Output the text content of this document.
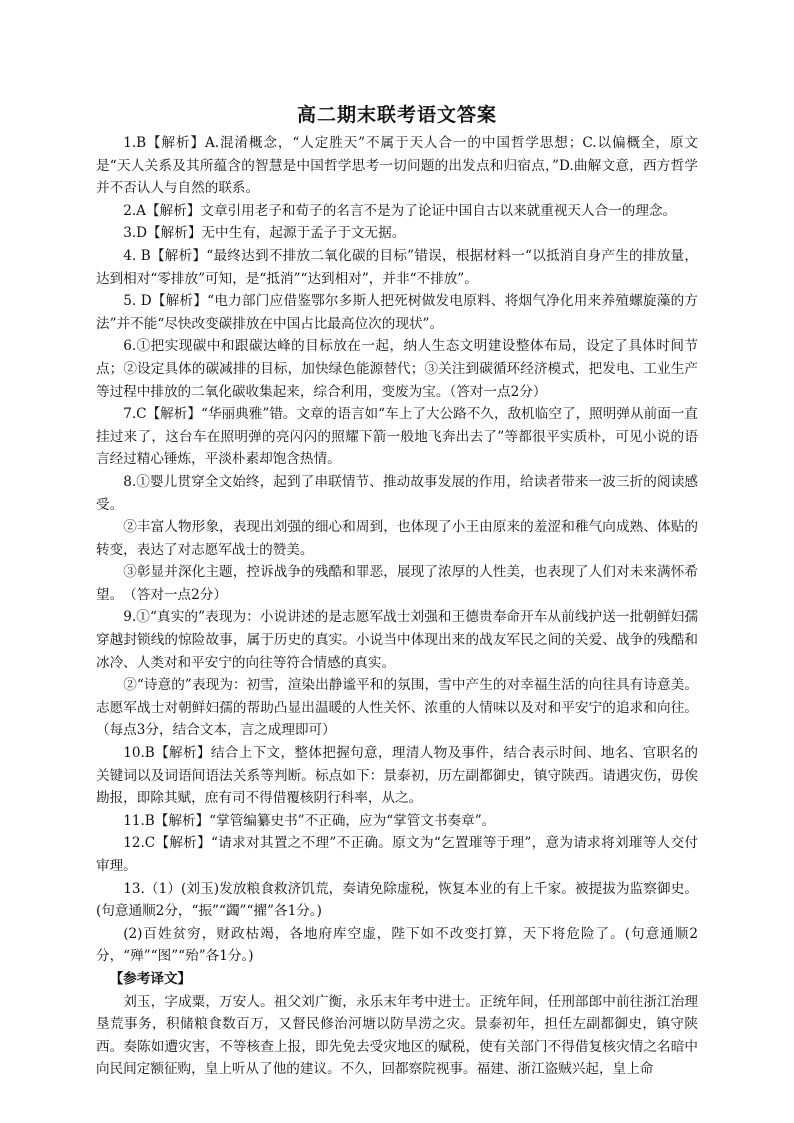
高二期末联考语文答案

1.B【解析】A.混淆概念，“人定胜天”不属于天人合一的中国哲学思想；C.以偏概全，原文是“天人关系及其所蕴含的智慧是中国哲学思考一切问题的出发点和归宿点，”D.曲解文意，西方哲学并不否认人与自然的联系。

2.A【解析】文章引用老子和荀子的名言不是为了论证中国自古以来就重视天人合一的理念。

3.D【解析】无中生有，起源于孟子于文无据。

4. B【解析】“最终达到不排放二氧化碳的目标”错误，根据材料一“以抵消自身产生的排放量，达到相对“零排放”可知，是“抵消”“达到相对”，并非“不排放”。

5. D【解析】“电力部门应借鉴鄂尔多斯人把死树做发电原料、将烟气净化用来养殖螺旋藻的方法”并不能“尽快改变碳排放在中国占比最高位次的现状”。

6.①把实现碳中和跟碳达峰的目标放在一起，纳人生态文明建设整体布局，设定了具体时间节点；②设定具体的碳减排的目标，加快绿色能源替代；③关注到碳循环经济模式，把发电、工业生产等过程中排放的二氧化碳收集起来，综合利用，变废为宝。（答对一点2分）

7.C【解析】“华丽典雅”错。文章的语言如“车上了大公路不久，敌机临空了，照明弹从前面一直挂过来了，这台车在照明弹的亮闪闪的照耀下箭一般地飞奔出去了”等都很平实质朴，可见小说的语言经过精心锤炼，平淡朴素却饱含热情。

8.①婴儿贯穿全文始终，起到了串联情节、推动故事发展的作用，给读者带来一波三折的阅读感受。

②丰富人物形象，表现出刘强的细心和周到，也体现了小王由原来的羞涩和稚气向成熟、体贴的转变，表达了对志愿军战士的赞美。

③彰显并深化主题，控诉战争的残酷和罪恶，展现了浓厚的人性美，也表现了人们对未来满怀希望。　（答对一点2分）

9.①“真实的”表现为：小说讲述的是志愿军战士刘强和王德贵奉命开车从前线护送一批朝鲜妇孺穿越封锁线的惊险故事，属于历史的真实。小说当中体现出来的战友军民之间的关爱、战争的残酷和冰冷、人类对和平安宁的向往等符合情感的真实。

②“诗意的”表现为：初雪，渲染出静谧平和的氛围，雪中产生的对幸福生活的向往具有诗意美。志愿军战士对朝鲜妇孺的帮助凸显出温暖的人性关怀、浓重的人情味以及对和平安宁的追求和向往。（每点3分，结合文本，言之成理即可）

10.B【解析】结合上下文，整体把握句意，理清人物及事件，结合表示时间、地名、官职名的关键词以及词语间语法关系等判断。标点如下：景泰初，历左副都御史，镇守陕西。请遇灾伤，毋俟勘报，即除其赋，庶有司不得借覆核阴行科率，从之。

11.B【解析】“掌管编纂史书”不正确，应为“掌管文书奏章”。

12.C【解析】“请求对其置之不理”不正确。原文为“乞置璀等于理”，意为请求将刘璀等人交付审理。

13.（1）(刘玉)发放粮食救济饥荒，奏请免除虚税，恢复本业的有上千家。被提拔为监察御史。(句意通顺2分，“振”“蠲”“擢”各1分。)

(2)百姓贫穷，财政枯竭，各地府库空虚，陛下如不改变打算，天下将危险了。(句意通顺2分，“殚”“图”“殆”各1分。)

【参考译文】

刘玉，字成粟，万安人。祖父刘广衡，永乐末年考中进士。正统年间，任刑部郎中前往浙江治理垦荒事务，积储粮食数百万，又督民修治河塘以防旱涝之灾。景泰初年，担任左副都御史，镇守陕西。奏陈如遭灾害，不等核查上报，即先免去受灾地区的赋税，使有关部门不得借复核灾情之名暗中向民间定额征购，皇上听从了他的建议。不久，回都察院视事。福建、浙江盗贼兴起，皇上命
